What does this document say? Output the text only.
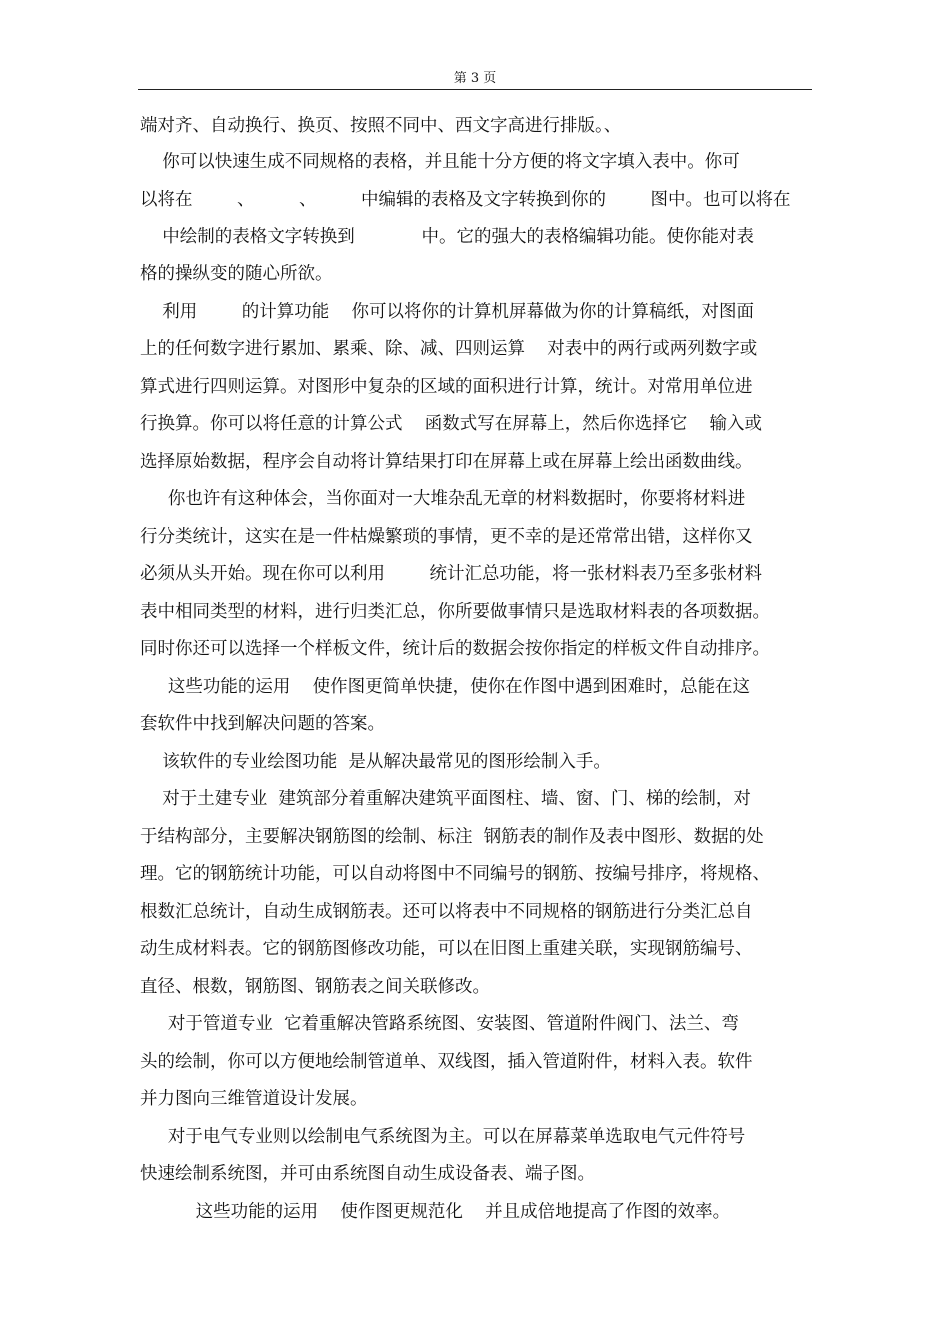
第 3 页
端对齐、自动换行、换页、按照不同中、西文字高进行排版。、
你可以快速生成不同规格的表格，并且能十分方便的将文字填入表中。你可
以将在        、        、        中编辑的表格及文字转换到你的        图中。也可以将在
中绘制的表格文字转换到            中。它的强大的表格编辑功能。使你能对表
格的操纵变的随心所欲。
利用        的计算功能    你可以将你的计算机屏幕做为你的计算稿纸，对图面
上的任何数字进行累加、累乘、除、减、四则运算    对表中的两行或两列数字或
算式进行四则运算。对图形中复杂的区域的面积进行计算，统计。对常用单位进
行换算。你可以将任意的计算公式    函数式写在屏幕上，然后你选择它    输入或
选择原始数据，程序会自动将计算结果打印在屏幕上或在屏幕上绘出函数曲线。
你也许有这种体会，当你面对一大堆杂乱无章的材料数据时，你要将材料进
行分类统计，这实在是一件枯燥繁琐的事情，更不幸的是还常常出错，这样你又
必须从头开始。现在你可以利用        统计汇总功能，将一张材料表乃至多张材料
表中相同类型的材料，进行归类汇总，你所要做事情只是选取材料表的各项数据。
同时你还可以选择一个样板文件，统计后的数据会按你指定的样板文件自动排序。
这些功能的运用    使作图更简单快捷，使你在作图中遇到困难时，总能在这
套软件中找到解决问题的答案。
该软件的专业绘图功能  是从解决最常见的图形绘制入手。
对于土建专业  建筑部分着重解决建筑平面图柱、墙、窗、门、梯的绘制，对
于结构部分，主要解决钢筋图的绘制、标注  钢筋表的制作及表中图形、数据的处
理。它的钢筋统计功能，可以自动将图中不同编号的钢筋、按编号排序，将规格、
根数汇总统计，自动生成钢筋表。还可以将表中不同规格的钢筋进行分类汇总自
动生成材料表。它的钢筋图修改功能，可以在旧图上重建关联，实现钢筋编号、
直径、根数，钢筋图、钢筋表之间关联修改。
对于管道专业  它着重解决管路系统图、安装图、管道附件阀门、法兰、弯
头的绘制，你可以方便地绘制管道单、双线图，插入管道附件，材料入表。软件
并力图向三维管道设计发展。
对于电气专业则以绘制电气系统图为主。可以在屏幕菜单选取电气元件符号
快速绘制系统图，并可由系统图自动生成设备表、端子图。
这些功能的运用    使作图更规范化    并且成倍地提高了作图的效率。
